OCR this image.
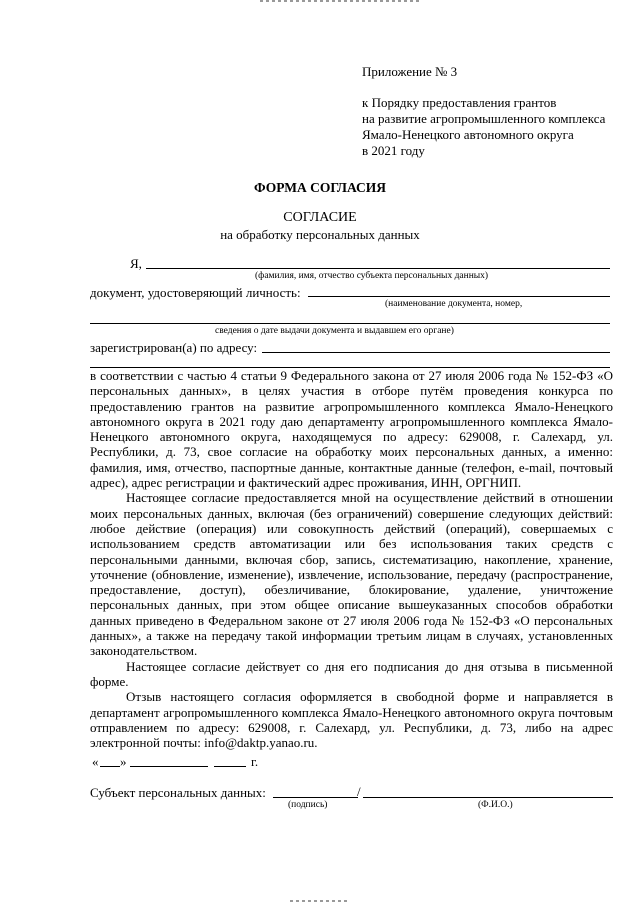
Приложение № 3
к Порядку предоставления грантов
на развитие агропромышленного комплекса
Ямало-Ненецкого автономного округа
в 2021 году
ФОРМА СОГЛАСИЯ
СОГЛАСИЕ
на обработку персональных данных
Я,
(фамилия, имя, отчество субъекта персональных данных)
документ, удостоверяющий личность:
(наименование документа, номер,
сведения о дате выдачи документа и выдавшем его органе)
зарегистрирован(а) по адресу:

в соответствии с частью 4 статьи 9 Федерального закона от 27 июля 2006 года № 152-ФЗ «О персональных данных», в целях участия в отборе путём проведения конкурса по предоставлению грантов на развитие агропромышленного комплекса Ямало-Ненецкого автономного округа в 2021 году даю департаменту агропромышленного комплекса Ямало-Ненецкого автономного округа, находящемуся по адресу: 629008, г. Салехард, ул. Республики, д. 73, свое согласие на обработку моих персональных данных, а именно: фамилия, имя, отчество, паспортные данные, контактные данные (телефон, e-mail, почтовый адрес), адрес регистрации и фактический адрес проживания, ИНН, ОРГНИП.

Настоящее согласие предоставляется мной на осуществление действий в отношении моих персональных данных, включая (без ограничений) совершение следующих действий: любое действие (операция) или совокупность действий (операций), совершаемых с использованием средств автоматизации или без использования таких средств с персональными данными, включая сбор, запись, систематизацию, накопление, хранение, уточнение (обновление, изменение), извлечение, использование, передачу (распространение, предоставление, доступ), обезличивание, блокирование, удаление, уничтожение персональных данных, при этом общее описание вышеуказанных способов обработки данных приведено в Федеральном законе от 27 июля 2006 года № 152-ФЗ «О персональных данных», а также на передачу такой информации третьим лицам в случаях, установленных законодательством.

Настоящее согласие действует со дня его подписания до дня отзыва в письменной форме.

Отзыв настоящего согласия оформляется в свободной форме и направляется в департамент агропромышленного комплекса Ямало-Ненецкого автономного округа почтовым отправлением по адресу: 629008, г. Салехард, ул. Республики, д. 73, либо на адрес электронной почты: info@daktp.yanao.ru.

« »	г.
Субъект персональных данных:	/
(подпись)	(Ф.И.О.)
